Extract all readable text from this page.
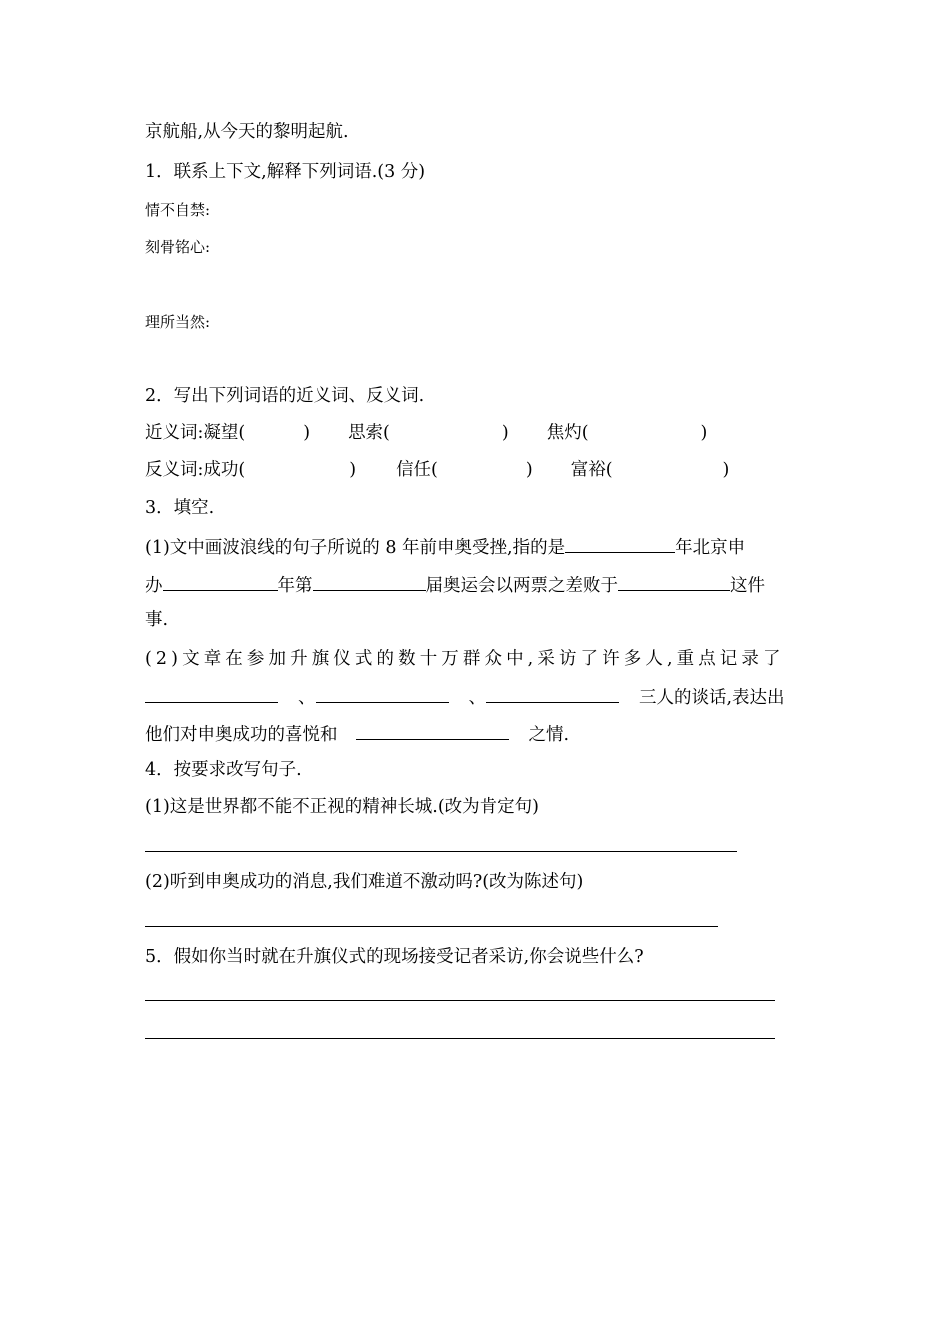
京航船,从今天的黎明起航.
1．联系上下文,解释下列词语.(3 分)
情不自禁:
刻骨铭心:
理所当然:
2．写出下列词语的近义词、反义词.
近义词:凝望(	) 思索(	) 焦灼(	)
反义词:成功(	) 信任(	) 富裕(	)
3．填空.
(1)文中画波浪线的句子所说的 8 年前申奥受挫,指的是	年北京申
办	年第	届奥运会以两票之差败于	这件
事.
(2)文章在参加升旗仪式的数十万群众中,采访了许多人,重点记录了
、	、	三人的谈话,表达出
他们对申奥成功的喜悦和	之情.
4．按要求改写句子.
(1)这是世界都不能不正视的精神长城.(改为肯定句)
(2)听到申奥成功的消息,我们难道不激动吗?(改为陈述句)
5．假如你当时就在升旗仪式的现场接受记者采访,你会说些什么?
